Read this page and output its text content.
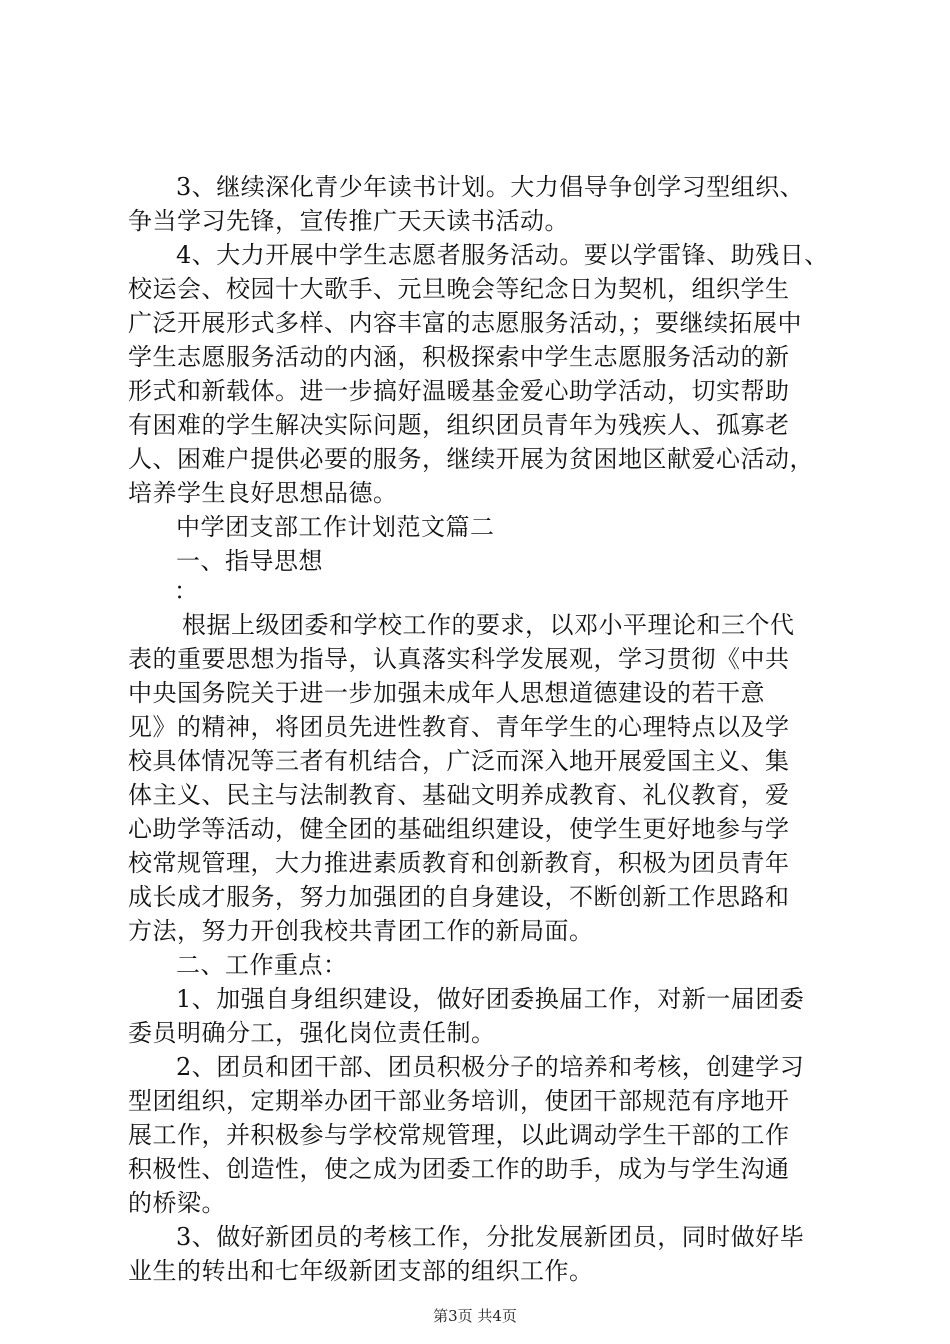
3、继续深化青少年读书计划。大力倡导争创学习型组织、

争当学习先锋，宣传推广天天读书活动。

4、大力开展中学生志愿者服务活动。要以学雷锋、助残日、

校运会、校园十大歌手、元旦晚会等纪念日为契机，组织学生

广泛开展形式多样、内容丰富的志愿服务活动，；要继续拓展中

学生志愿服务活动的内涵，积极探索中学生志愿服务活动的新

形式和新载体。进一步搞好温暖基金爱心助学活动，切实帮助

有困难的学生解决实际问题，组织团员青年为残疾人、孤寡老

人、困难户提供必要的服务，继续开展为贫困地区献爱心活动，

培养学生良好思想品德。

中学团支部工作计划范文篇二

一、指导思想

：

根据上级团委和学校工作的要求，以邓小平理论和三个代

表的重要思想为指导，认真落实科学发展观，学习贯彻《中共

中央国务院关于进一步加强未成年人思想道德建设的若干意

见》的精神，将团员先进性教育、青年学生的心理特点以及学

校具体情况等三者有机结合，广泛而深入地开展爱国主义、集

体主义、民主与法制教育、基础文明养成教育、礼仪教育，爱

心助学等活动，健全团的基础组织建设，使学生更好地参与学

校常规管理，大力推进素质教育和创新教育，积极为团员青年

成长成才服务，努力加强团的自身建设，不断创新工作思路和

方法，努力开创我校共青团工作的新局面。

二、工作重点：

1、加强自身组织建设，做好团委换届工作，对新一届团委

委员明确分工，强化岗位责任制。

2、团员和团干部、团员积极分子的培养和考核，创建学习

型团组织，定期举办团干部业务培训，使团干部规范有序地开

展工作，并积极参与学校常规管理，以此调动学生干部的工作

积极性、创造性，使之成为团委工作的助手，成为与学生沟通

的桥梁。

3、做好新团员的考核工作，分批发展新团员，同时做好毕

业生的转出和七年级新团支部的组织工作。

第3页 共4页
